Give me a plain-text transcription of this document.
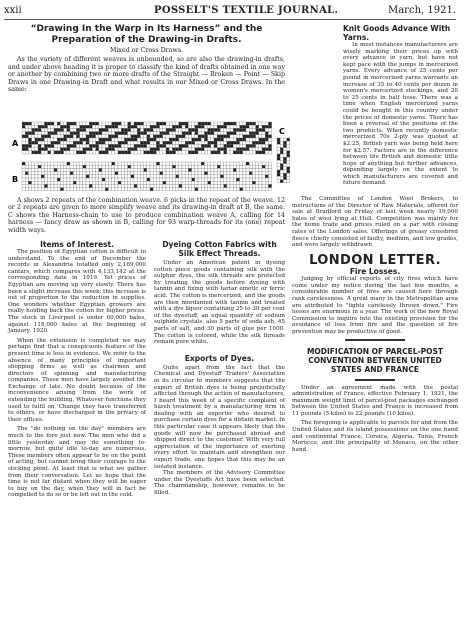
xxii	POSSELT'S TEXTILE JOURNAL.	March, 1921.
“Drawing In the Warp in Its Harness” and the Preparation of the Drawing-in Drafts.
Mixed or Cross Draws.

As the variety of different weaves is unbounded, so are also the drawing-in drafts, and under above heading it is proper to classify the kind of drafts obtained in one way or another by combining two or more drafts of the Straight — Broken — Point — Skip Draws in one Drawing-in Draft and what results in our Mixed or Cross Draws. In the same:

A
B
C

A shows 2 repeats of the combination weave. 6 picks in the repeat of the weave. 12 or 2 repeats are given to more simplify weave and its drawing-in draft at B, the same. C shows the Harness-chain to use to produce combination weave A, calling for 14 harness — fancy draw as shown in B, calling for 93 warp-threads for its (one) repeat width ways.

Items of Interest.

The position of Egyptian cotton is difficult to understand. To the end of December the records in Alexandria totalled only 2,169,000 cantars, which compares with 4,133,142 at the corresponding date in 1919. Yet prices of Egyptian are moving up very slowly. There has been a slight increase this week; this increase is out of proportion to the reduction in supplies. One wonders whether Egyptian growers are really holding back the cotton for higher prices. The stock in Liverpool is under 60,000 bales, against 118,000 bales at the beginning of January, 1920.

When the extension is completed we may perhaps find that a conspicuous feature of the present time is less in evidence. We refer to the absence of many principles of important shopping firms as well as chairmen and directors of spinning and manufacturing companies. These men have largely avoided the Exchange of late. No doubt because of the inconvenience arising from the work of extending the building. Whatever functions they used to fulfil on 'Change they have transferred to others, or have discharged in the privacy of their offices.

The "do nothing on the day" members are much to the fore just now. The men who did a little yesterday and may do something to-morrow, but quite idle to-day are numerous. These members often appear to be on the point of acting, but cannot bring their courage to the sticking point. At least that is what we gather from their conversation. Let us hope that the time is not far distant when they will be eager to buy on the day, when they will in fact be compelled to do so or be left out in the cold.

Dyeing Cotton Fabrics with Silk Effect Threads.

Under an American patent in dyeing cotton piece goods containing silk with the sulphur dyes, the silk threads are protected by treating the goods before dyeing with tannin and fixing with tartar emetic or ferric acid. The cotton is mercerized, and the goods are then mordanted with tannin and treated with a dye liquor containing 25 to 30 per cent of the dyestuff, an equal quantity of sodium sulphide crystals, also 5 parts of soda ash, 45 parts of salt, and 30 parts of glue per 1000. The cotton is colored, while the silk threads remain pure white.

Exports of Dyes.

Quite apart from the fact that the Chemical and Dyestuff Traders' Association in its circular to members suggests that the export of British dyes is being prejudicially affected through the action of manufacturers, I heard this week of a specific complaint of harsh treatment by a manufacturing firm in dealing with an exporter who desired to purchase certain dyes for a distant market. In this particular case it appears likely that the goods will now be purchased abroad and shipped direct to the customer. With very full appreciation of the importance of exerting every effort to maintain and strengthen our export trade, one hopes that this may be an isolated instance.

The members of the Advisory Committee under the Dyestuffs Act have been selected. The chairmanship, however, remains to be filled.

Knit Goods Advance With Yarns.

In most instances manufacturers are wisely marking their prices up with every advance in yarn, but have not kept pace with the jumps in mercerized yarns. Every advance of 25 cents per pound in mercerized yarns warrants an increase of 35 to 40 cents per dozen in women's mercerized stockings, and 20 to 25 cents in half hose. There was a time when English mercerized yarns could be bought in this country under the prices of domestic yarns. There has been a reversal of the positions of the two products. When recently domestic mercerized 70s 2-ply was quoted at $2.25, British yarn was being held here for $2.57. Factors are in the difference between the British and domestic little hope of anything but further advances, depending largely on the extent to which manufacturers are covered and future demand.

The Committee of London Wool Brokers, to instructions of the Director of Raw Materials, offered for sale at Bradford on Friday of last week nearly 19,000 bales of wool lying at Hull. Competition was mainly for the home trade and prices ruled on a par with closing rates of the London sales. Offerings of greasy crossbred fleece chiefly consisted of faulty, medium, and low grades, and were largely withdrawn.

LONDON LETTER.
Fire Losses.

Judging by official reports of city fires which have come under my notice during the last few months, a considerable number of fires are caused here through rank carelessness. A great many in the Metropolitan area are attributed to "lights carelessly thrown down." Fire losses are enormous in a year. The work of the new Royal Commission to inquire into the existing provision for the avoidance of loss from fire and the question of fire prevention may be productive of good.

MODIFICATION OF PARCEL-POST CONVENTION BETWEEN UNITED STATES AND FRANCE

Under an agreement made with the postal administration of France, effective February 1, 1921, the maximum weight limit of parcel-post packages exchanged between the United States and France is increased from 11 pounds (5 kilos) to 22 pounds (10 kilos).

The foregoing is applicable to parcels for and from the United States and its island possessions on the one hand and continental France, Corsica, Algeria, Tunis, French Morocco, and the principality of Monaco, on the other hand.
